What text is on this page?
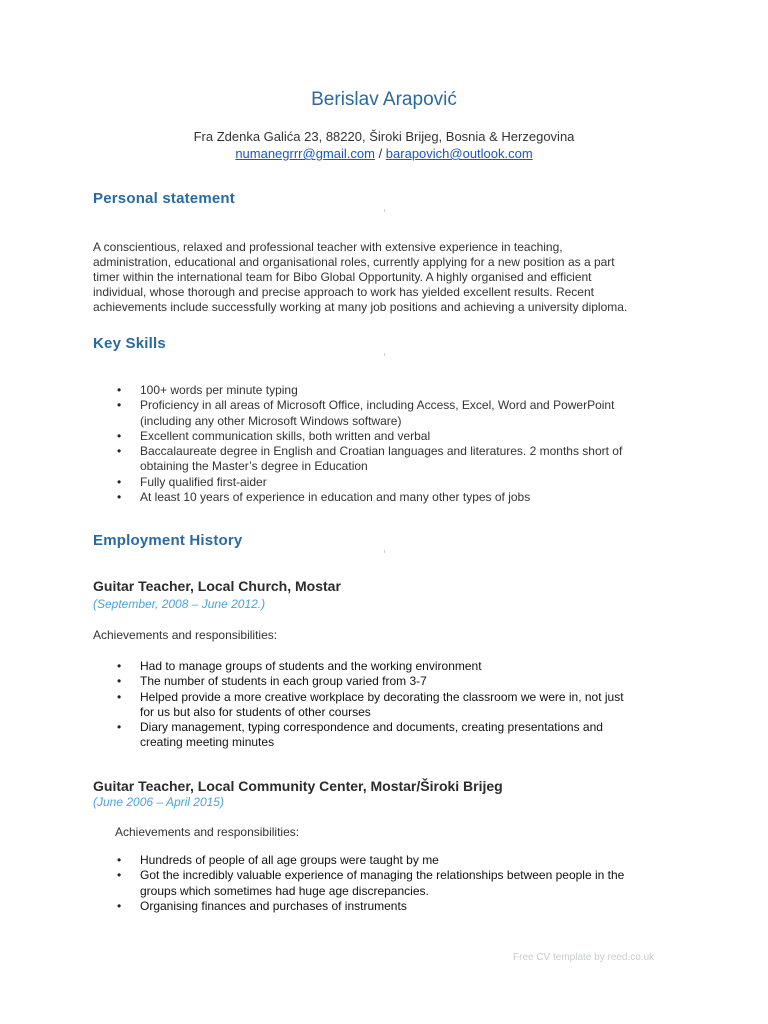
Berislav Arapović
Fra Zdenka Galića 23, 88220, Široki Brijeg, Bosnia & Herzegovina
numanegrrr@gmail.com / barapovich@outlook.com
Personal statement
A conscientious, relaxed and professional teacher with extensive experience in teaching,
administration, educational and organisational roles, currently applying for a new position as a part
timer within the international team for Bibo Global Opportunity. A highly organised and efficient
individual, whose thorough and precise approach to work has yielded excellent results. Recent
achievements include successfully working at many job positions and achieving a university diploma.
Key Skills
• 100+ words per minute typing
• Proficiency in all areas of Microsoft Office, including Access, Excel, Word and PowerPoint
(including any other Microsoft Windows software)
• Excellent communication skills, both written and verbal
• Baccalaureate degree in English and Croatian languages and literatures. 2 months short of
obtaining the Master’s degree in Education
• Fully qualified first-aider
• At least 10 years of experience in education and many other types of jobs
Employment History
Guitar Teacher, Local Church, Mostar
(September, 2008 – June 2012.)
Achievements and responsibilities:
• Had to manage groups of students and the working environment
• The number of students in each group varied from 3-7
• Helped provide a more creative workplace by decorating the classroom we were in, not just
for us but also for students of other courses
• Diary management, typing correspondence and documents, creating presentations and
creating meeting minutes
Guitar Teacher, Local Community Center, Mostar/Široki Brijeg
(June 2006 – April 2015)
Achievements and responsibilities:
• Hundreds of people of all age groups were taught by me
• Got the incredibly valuable experience of managing the relationships between people in the
groups which sometimes had huge age discrepancies.
• Organising finances and purchases of instruments
Free CV template by reed.co.uk
